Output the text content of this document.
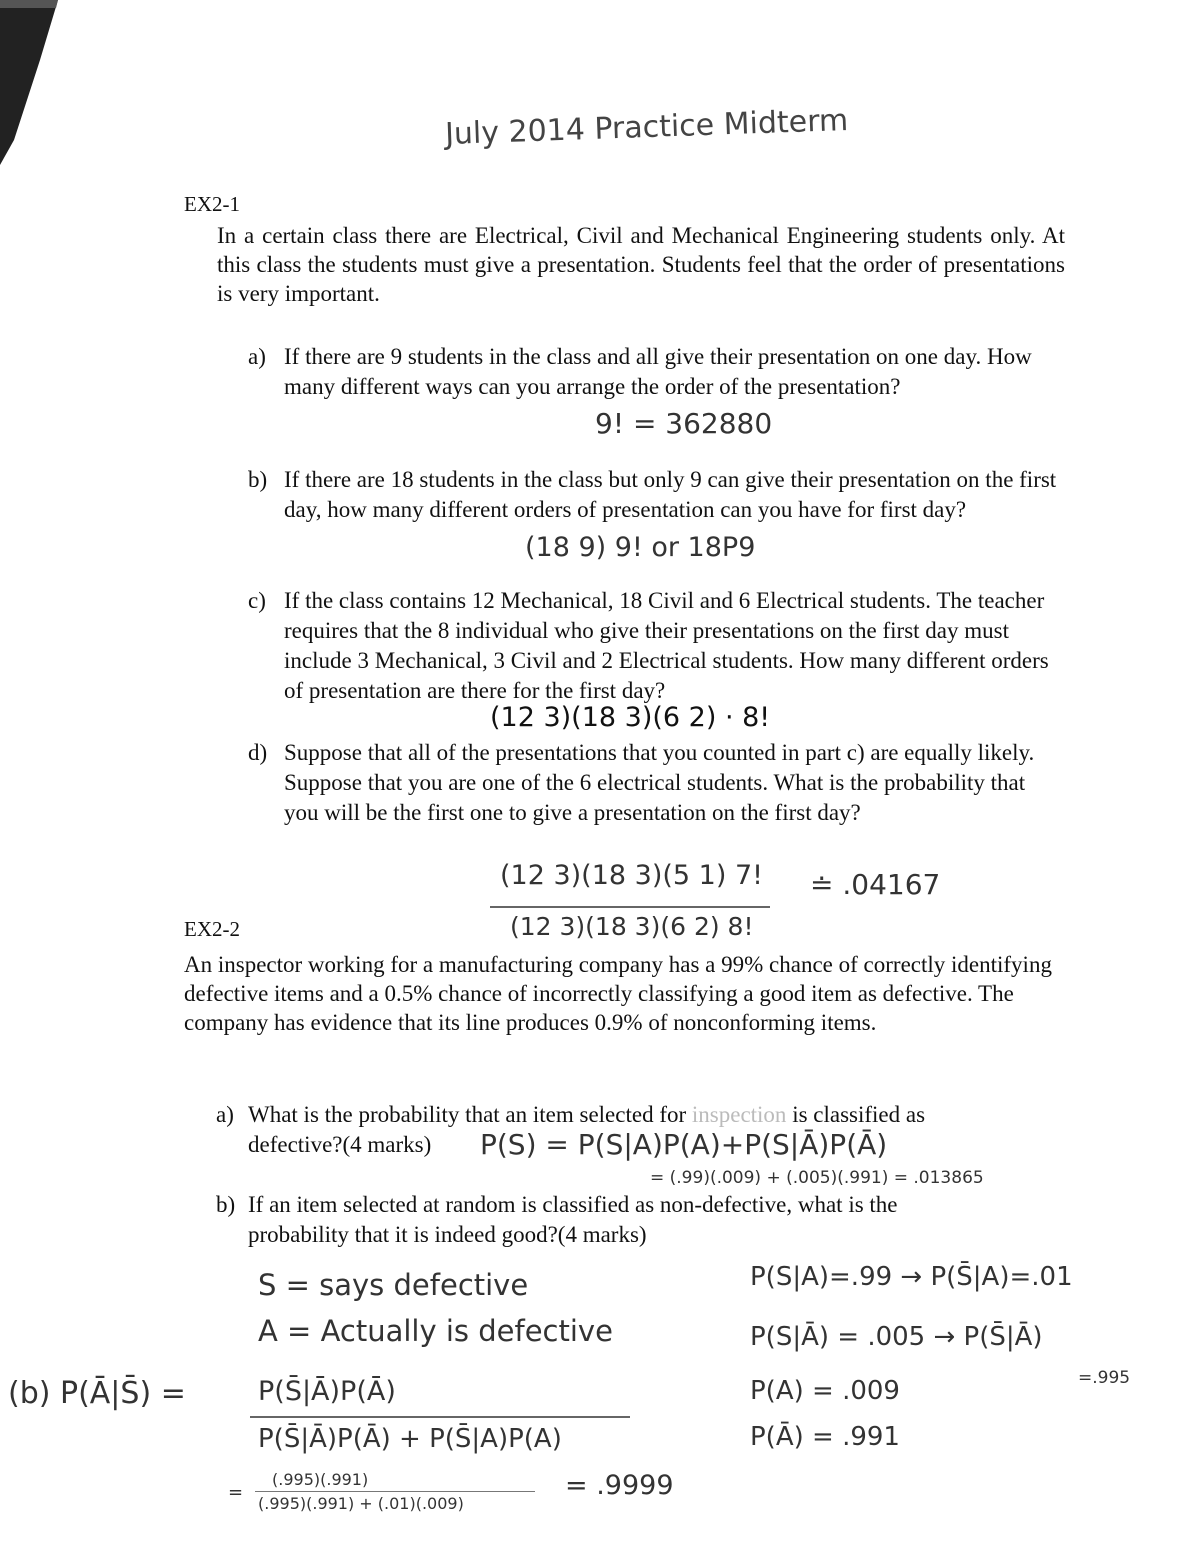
July 2014 Practice Midterm
EX2-1
In a certain class there are Electrical, Civil and Mechanical Engineering students only. At this class the students must give a presentation. Students feel that the order of presentations is very important.
a) If there are 9 students in the class and all give their presentation on one day. How many different ways can you arrange the order of the presentation?
9! = 362880
b) If there are 18 students in the class but only 9 can give their presentation on the first day, how many different orders of presentation can you have for first day?
(18 9) 9! or 18P9
c) If the class contains 12 Mechanical, 18 Civil and 6 Electrical students. The teacher requires that the 8 individual who give their presentations on the first day must include 3 Mechanical, 3 Civil and 2 Electrical students. How many different orders of presentation are there for the first day?
(12 3)(18 3)(6 2) · 8!
d) Suppose that all of the presentations that you counted in part c) are equally likely. Suppose that you are one of the 6 electrical students. What is the probability that you will be the first one to give a presentation on the first day?
(12 3)(18 3)(5 1) 7!
(12 3)(18 3)(6 2) 8!
≐ .04167
EX2-2
An inspector working for a manufacturing company has a 99% chance of correctly identifying defective items and a 0.5% chance of incorrectly classifying a good item as defective. The company has evidence that its line produces 0.9% of nonconforming items.
a) What is the probability that an item selected for inspection is classified as
defective?(4 marks)	P(S) = P(S|A)P(A)+P(S|Ā)P(Ā)
= (.99)(.009) + (.005)(.991) = .013865
b) If an item selected at random is classified as non-defective, what is the
probability that it is indeed good?(4 marks)
S = says defective
A = Actually is defective
P(S|A)=.99 → P(S̄|A)=.01
P(S|Ā) = .005 → P(S̄|Ā)
=.995
P(A) = .009
P(Ā) = .991
(b) P(Ā|S̄) =	P(S̄|Ā)P(Ā)
P(S̄|Ā)P(Ā) + P(S̄|A)P(A)
(.995)(.991)
=
(.995)(.991) + (.01)(.009)
= .9999
